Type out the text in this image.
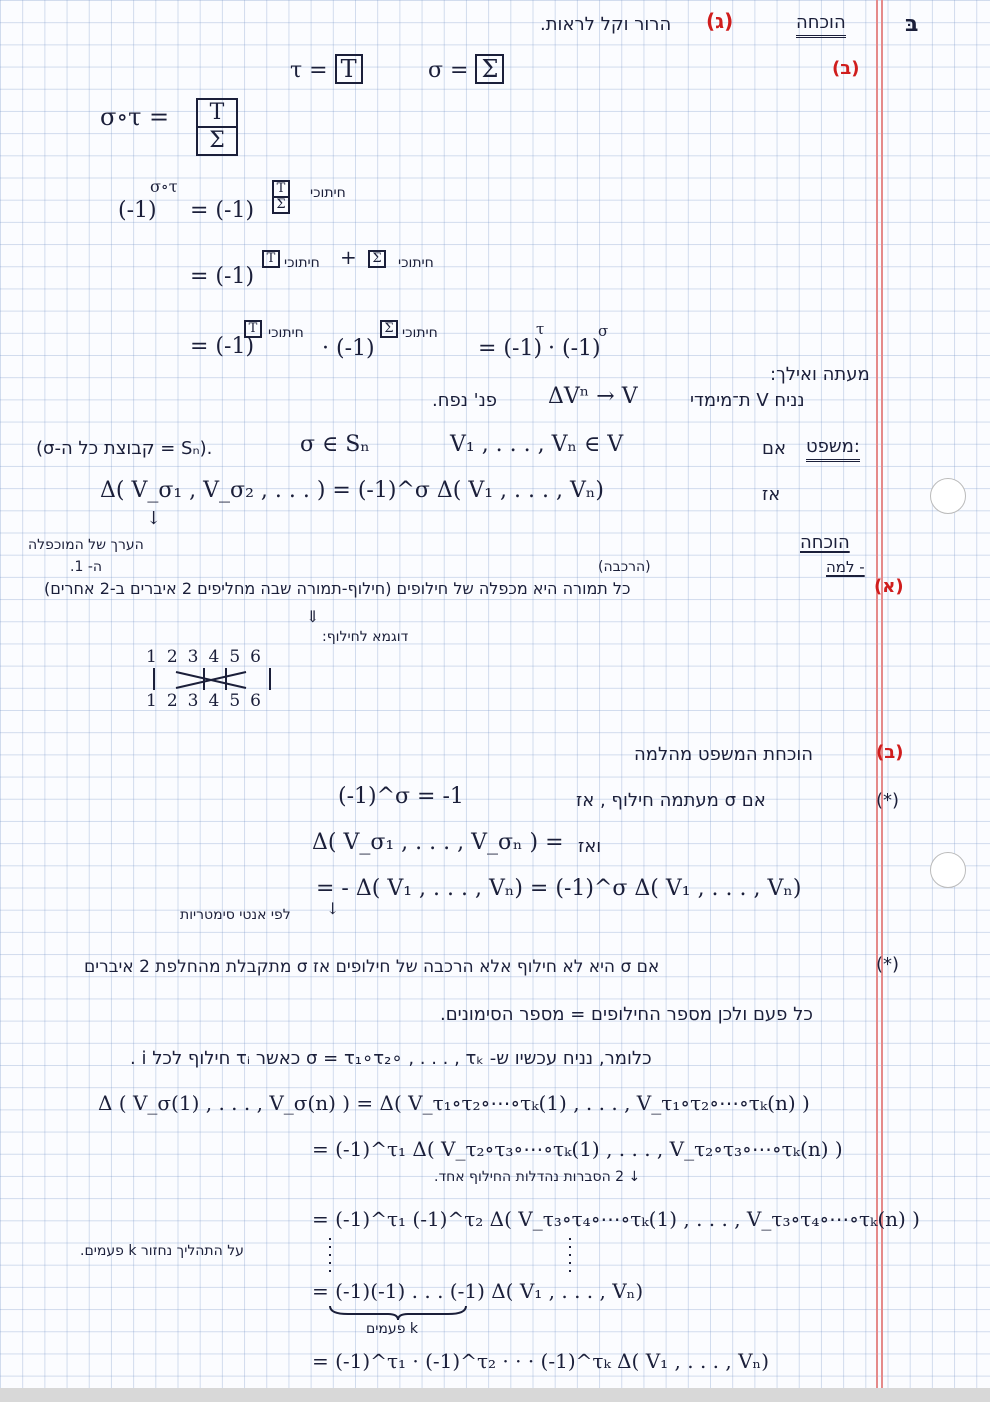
בּ
הוכחה
(ג)
הרור וקל לראות.
τ = T	σ = Σ	(ב)
σ∘τ =	T
Σ
(-1)
σ∘τ
= (-1)
T
Σ
חיתוכי
= (-1)
T חיתוכי +	Σ	חיתוכי
= (-1)
T חיתוכי
· (-1)
Σ חיתוכי
= (-1)
τ
· (-1)
σ
מעתה ואילך:
נניח V ת־מימדי
ΔVⁿ → V
פנ' נפח.
משפט:
אם
V₁ , . . . , Vₙ ∈ V
σ ∈ Sₙ
.(Sₙ = קבוצת כל ה-σ)
אז
Δ( V_σ₁ , V_σ₂ , . . . ) = (-1)^σ Δ( V₁ , . . . , Vₙ)
↓
הערך של המוכפלה
ה- 1.
הוכחה
למה -
(הרכבה)
(א)
כל תמורה היא מכפלה של חילופים (חילוף-תמורה שבה מחליפים 2 איברים ב-2 אחרים)
⇓
דוגמא לחילוף:
123456
123456
(ב)
הוכחת המשפט מהלמה
(*)
אם σ מעתמה חילוף , אז
(-1)^σ = -1
ואז
Δ( V_σ₁ , . . . , V_σₙ ) =
= - Δ( V₁ , . . . , Vₙ) = (-1)^σ Δ( V₁ , . . . , Vₙ)
↓
לפי אנטי סימטריות
(*)
אם σ היא לא חילוף אלא הרכבה של חילופים אז σ מתקבלת מהחלפת 2 איברים
כל פעם ולכן מספר החילופים = מספר הסימונים.
כלומר, נניח עכשיו ש- σ = τ₁∘τ₂∘ , . . . , τₖ כאשר τᵢ חילוף לכל i .
Δ ( V_σ(1) , . . . , V_σ(n) ) = Δ( V_τ₁∘τ₂∘⋯∘τₖ(1) , . . . , V_τ₁∘τ₂∘⋯∘τₖ(n) )
= (-1)^τ₁ Δ( V_τ₂∘τ₃∘⋯∘τₖ(1) , . . . , V_τ₂∘τ₃∘⋯∘τₖ(n) )
↓ 2 הסברות נהדלות החילוף אחד.
= (-1)^τ₁ (-1)^τ₂ Δ( V_τ₃∘τ₄∘⋯∘τₖ(1) , . . . , V_τ₃∘τ₄∘⋯∘τₖ(n) )
על התהליך נחזור k פעמים.
= (-1)(-1) . . . (-1) Δ( V₁ , . . . , Vₙ)
k פעמים
= (-1)^τ₁ · (-1)^τ₂ · · · (-1)^τₖ Δ( V₁ , . . . , Vₙ)
